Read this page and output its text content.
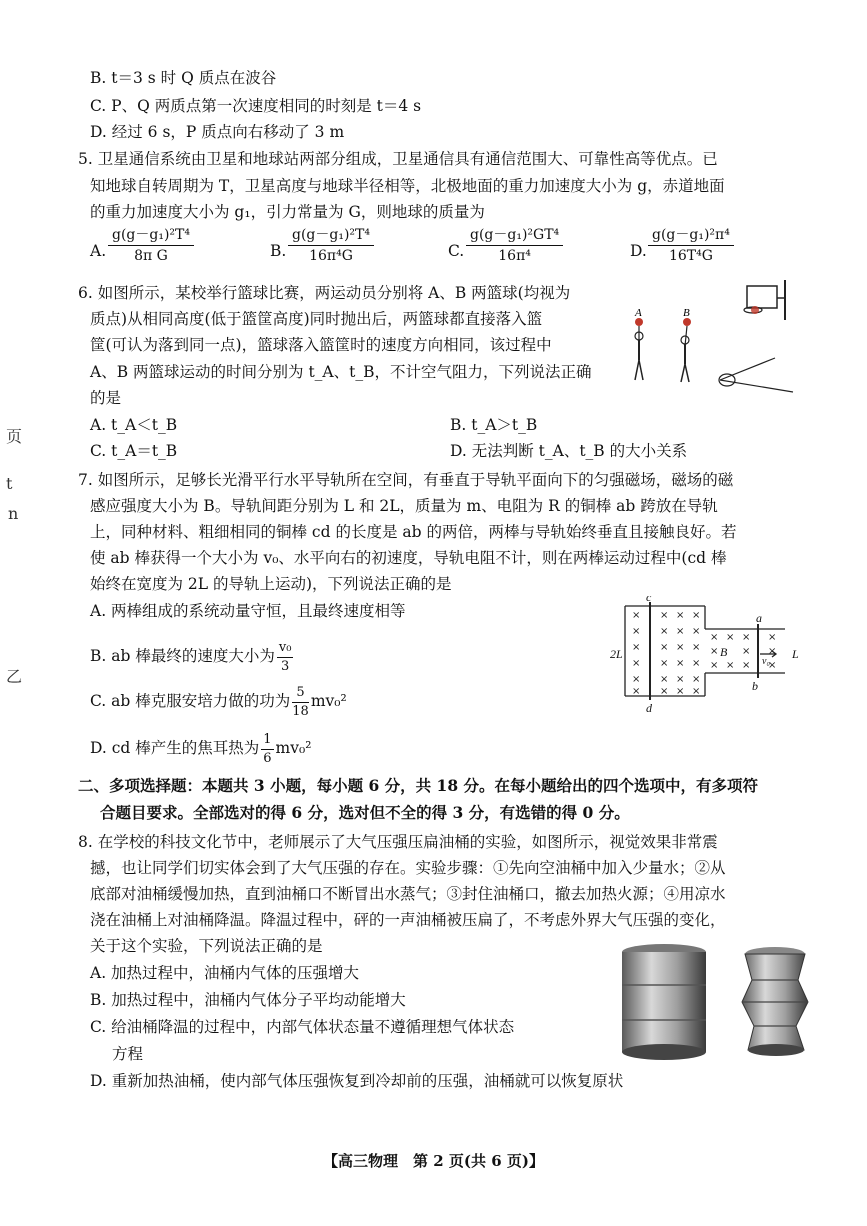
B. t＝3 s 时 Q 质点在波谷
C. P、Q 两质点第一次速度相同的时刻是 t＝4 s
D. 经过 6 s，P 质点向右移动了 3 m
5. 卫星通信系统由卫星和地球站两部分组成，卫星通信具有通信范围大、可靠性高等优点。已
知地球自转周期为 T，卫星高度与地球半径相等，北极地面的重力加速度大小为 g，赤道地面
的重力加速度大小为 g₁，引力常量为 G，则地球的质量为
A. $\frac{\text{g(g－g₁)²T⁴}}{\text{8π G}}$	B. $\frac{\text{g(g－g₁)²T⁴}}{\text{16π⁴G}}$	C. $\frac{\text{g(g－g₁)²GT⁴}}{\text{16π⁴}}$	D. $\frac{\text{g(g－g₁)²π⁴}}{\text{16T⁴G}}$
6. 如图所示，某校举行篮球比赛，两运动员分别将 A、B 两篮球(均视为
质点)从相同高度(低于篮筐高度)同时抛出后，两篮球都直接落入篮
筐(可认为落到同一点)，篮球落入篮筐时的速度方向相同，该过程中
A、B 两篮球运动的时间分别为 t_A、t_B，不计空气阻力，下列说法正确
的是
A. t_A＜t_B	B. t_A＞t_B
C. t_A＝t_B	D. 无法判断 t_A、t_B 的大小关系
A	B
页
t
n
乙
7. 如图所示，足够长光滑平行水平导轨所在空间，有垂直于导轨平面向下的匀强磁场，磁场的磁
感应强度大小为 B。导轨间距分别为 L 和 2L，质量为 m、电阻为 R 的铜棒 ab 跨放在导轨
上，同种材料、粗细相同的铜棒 cd 的长度是 ab 的两倍，两棒与导轨始终垂直且接触良好。若
使 ab 棒获得一个大小为 v₀、水平向右的初速度，导轨电阻不计，则在两棒运动过程中(cd 棒
始终在宽度为 2L 的导轨上运动)，下列说法正确的是
A. 两棒组成的系统动量守恒，且最终速度相等
B. ab 棒最终的速度大小为 $\frac{\text{v₀}}{3}$
C. ab 棒克服安培力做的功为 $\frac{5}{18} mv_0^2$
D. cd 棒产生的焦耳热为 $\frac{1}{6} mv_0^2$
×
×
×
×
×
×
×
×
×
×
×
×
×
×
×
×
×
×
×
×
×
×
×
×
×
×
×
×
×
×
×
×
×
×
×
c
d
a
b
2L	L
B
v₀
二、多项选择题：本题共 3 小题，每小题 6 分，共 18 分。在每小题给出的四个选项中，有多项符
合题目要求。全部选对的得 6 分，选对但不全的得 3 分，有选错的得 0 分。
8. 在学校的科技文化节中，老师展示了大气压强压扁油桶的实验，如图所示，视觉效果非常震
撼，也让同学们切实体会到了大气压强的存在。实验步骤：①先向空油桶中加入少量水；②从
底部对油桶缓慢加热，直到油桶口不断冒出水蒸气；③封住油桶口，撤去加热火源；④用凉水
浇在油桶上对油桶降温。降温过程中，砰的一声油桶被压扁了，不考虑外界大气压强的变化，
关于这个实验，下列说法正确的是
A. 加热过程中，油桶内气体的压强增大
B. 加热过程中，油桶内气体分子平均动能增大
C. 给油桶降温的过程中，内部气体状态量不遵循理想气体状态
方程
D. 重新加热油桶，使内部气体压强恢复到冷却前的压强，油桶就可以恢复原状
【高三物理　第 2 页(共 6 页)】
